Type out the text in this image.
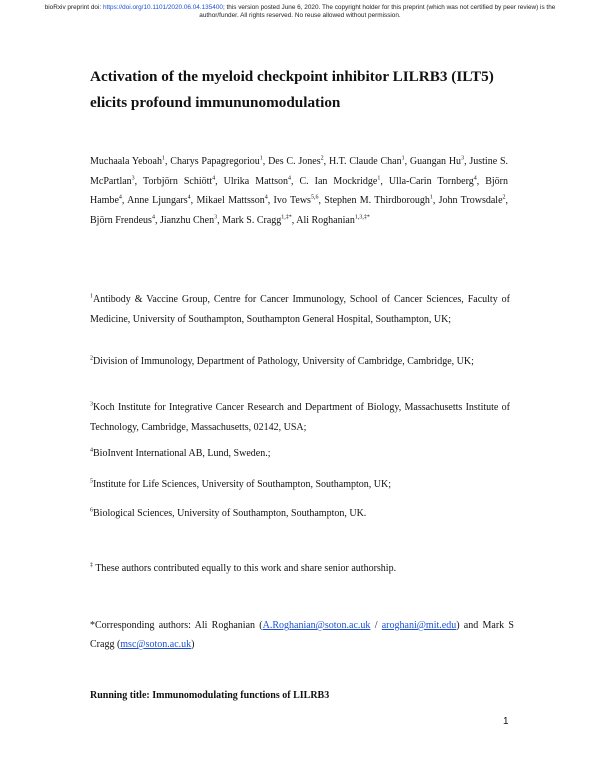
bioRxiv preprint doi: https://doi.org/10.1101/2020.06.04.135400; this version posted June 6, 2020. The copyright holder for this preprint (which was not certified by peer review) is the author/funder. All rights reserved. No reuse allowed without permission.
Activation of the myeloid checkpoint inhibitor LILRB3 (ILT5) elicits profound immununomodulation

Muchaala Yeboah$^1$, Charys Papagregoriou$^1$, Des C. Jones$^2$, H.T. Claude Chan$^1$, Guangan Hu$^3$, Justine S. McPartlan$^3$, Torbjörn Schiött$^4$, Ulrika Mattson$^4$, C. Ian Mockridge$^1$, Ulla-Carin Tornberg$^4$, Björn Hambe$^4$, Anne Ljungars$^4$, Mikael Mattsson$^4$, Ivo Tews$^{5,6}$, Stephen M. Thirdborough$^1$, John Trowsdale$^2$, Björn Frendeus$^4$, Jianzhu Chen$^3$, Mark S. Cragg$^{1,\ddagger*}$, Ali Roghanian$^{1,3,\ddagger*}$

$^1$Antibody & Vaccine Group, Centre for Cancer Immunology, School of Cancer Sciences, Faculty of Medicine, University of Southampton, Southampton General Hospital, Southampton, UK;

$^2$Division of Immunology, Department of Pathology, University of Cambridge, Cambridge, UK;

$^3$Koch Institute for Integrative Cancer Research and Department of Biology, Massachusetts Institute of Technology, Cambridge, Massachusetts, 02142, USA;

$^4$BioInvent International AB, Lund, Sweden.;

$^5$Institute for Life Sciences, University of Southampton, Southampton, UK;

$^6$Biological Sciences, University of Southampton, Southampton, UK.

‡ These authors contributed equally to this work and share senior authorship.

*Corresponding authors: Ali Roghanian (A.Roghanian@soton.ac.uk / aroghani@mit.edu) and Mark S Cragg (msc@soton.ac.uk)

Running title: Immunomodulating functions of LILRB3

1
